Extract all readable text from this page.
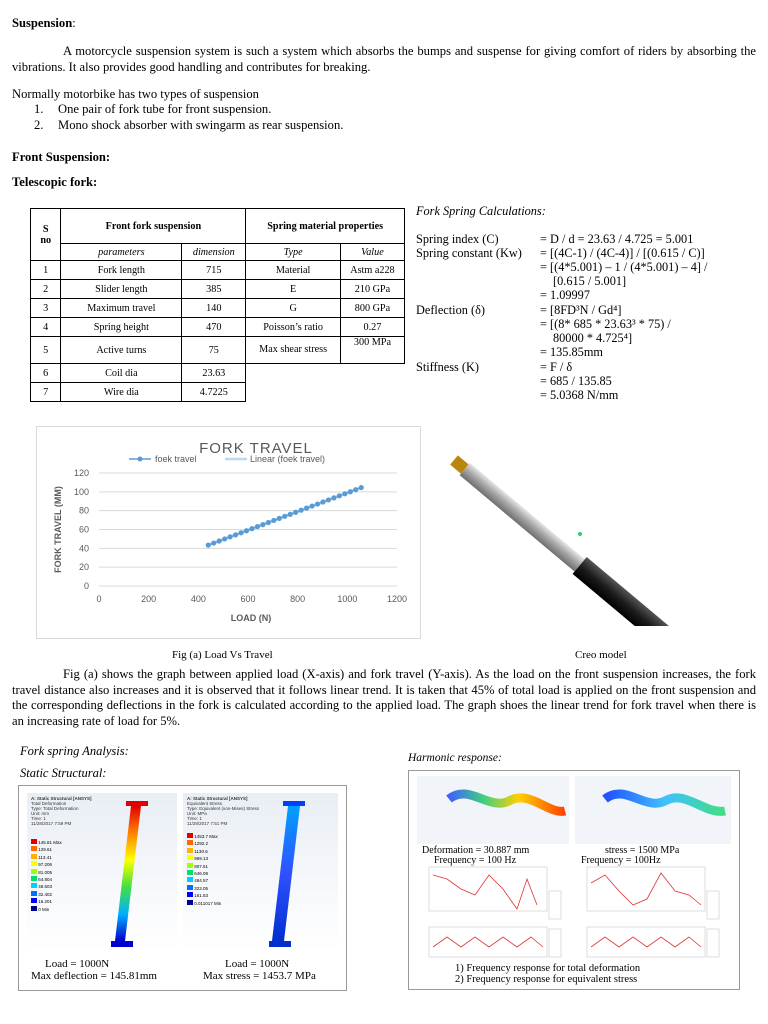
Suspension:
A motorcycle suspension system is such a system which absorbs the bumps and suspense for giving comfort of riders by absorbing the vibrations. It also provides good handling and contributes for breaking.
Normally motorbike has two types of suspension
1. One pair of fork tube for front suspension.
2. Mono shock absorber with swingarm as rear suspension.
Front Suspension:
Telescopic fork:
S
no	Front fork suspension		Spring material properties	
	parameters	dimension	Type	Value
1	Fork length	715	Material	Astm a228
2	Slider length	385	E	210 GPa
3	Maximum travel	140	G	800 GPa
4	Spring height	470	Poisson’s ratio	0.27
5	Active turns	75	Max shear stress	300 MPa
6	Coil dia	23.63		
7	Wire dia	4.7225		
Fork Spring Calculations:
Spring index (C)	= D / d = 23.63 / 4.725 = 5.001
Spring constant (Kw) = [(4C-1) / (4C-4)] / [(0.615 / C)]
= [(4*5.001) – 1 / (4*5.001) – 4] /
[0.615 / 5.001]
= 1.09997
Deflection (δ)	= [8FD³N / Gd⁴]
= [(8* 685 * 23.63³ * 75) /
80000 * 4.725⁴]
= 135.85mm
Stiffness (K)	= F / δ
= 685 / 135.85
= 5.0368 N/mm
0
20
40
60
80
100
120
0	200	400	600	800	1000	1200
FORK TRAVEL
foek travel	Linear (foek travel)
LOAD (N)
FORK TRAVEL (MM)
Fig (a) Load Vs Travel	Creo model
Fig (a) shows the graph between applied load (X-axis) and fork travel (Y-axis). As the load on the front suspension increases, the fork travel distance also increases and it is observed that it follows linear trend. It is taken that 45% of total load is applied on the front suspension and the corresponding deflections in the fork is calculated according to the applied load. The graph shoes the linear trend for fork travel when there is an increasing rate of load for 5%.
Fork spring Analysis:
Static Structural:
Harmonic response:
A: Static Structural [ANSYS]
Total Deformation
Type: Total Deformation
Unit: mm
Time: 1
11/28/2017 7:59 PM
145.81 Max
129.61
113.41
97.206
81.005
64.804
48.603
32.402
16.201
0 Min
A: Static Structural [ANSYS]
Equivalent Stress
Type: Equivalent (von-Mises) Stress
Unit: MPa
Time: 1
11/28/2017 7:51 PM
1453.7 Max
1292.2
1130.6
969.13
807.61
646.09
484.57
323.05
161.53
0.011017 Min
Load = 1000N
Max deflection = 145.81mm
Load = 1000N
Max stress = 1453.7 MPa
Deformation = 30.887 mm
Frequency = 100 Hz
stress = 1500 MPa
Frequency = 100Hz
1) Frequency response for total deformation
2) Frequency response for equivalent stress
